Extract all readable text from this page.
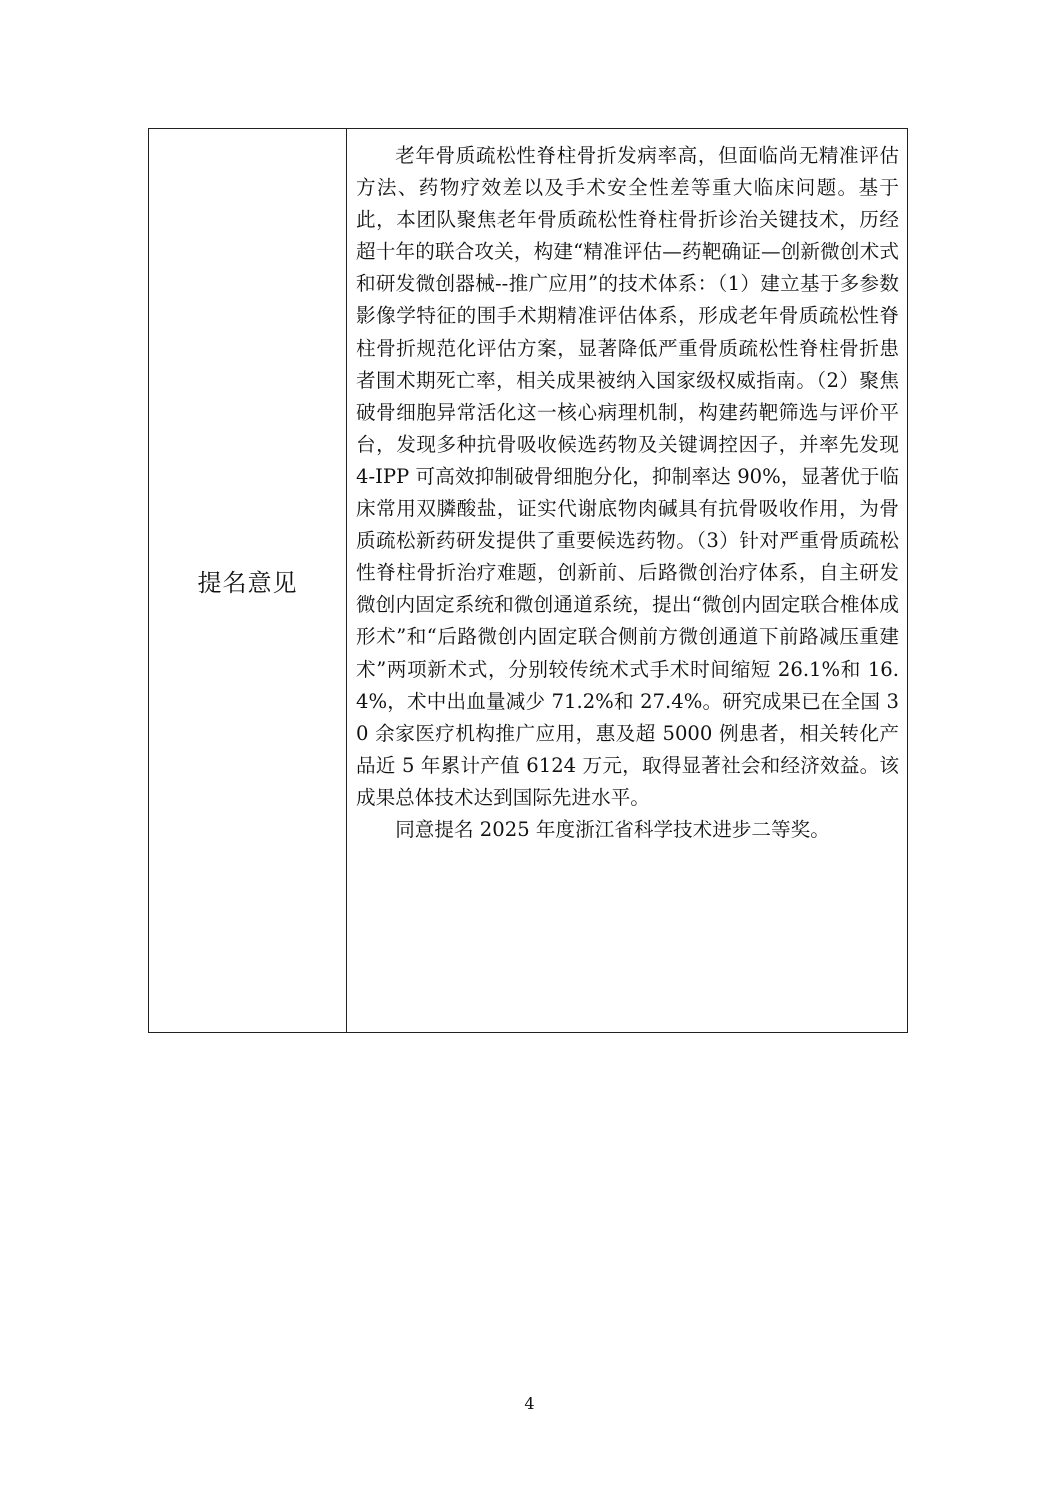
提名意见

老年骨质疏松性脊柱骨折发病率高，但面临尚无精准评估方法、药物疗效差以及手术安全性差等重大临床问题。基于此，本团队聚焦老年骨质疏松性脊柱骨折诊治关键技术，历经超十年的联合攻关，构建“精准评估—药靶确证—创新微创术式和研发微创器械--推广应用”的技术体系：（1）建立基于多参数影像学特征的围手术期精准评估体系，形成老年骨质疏松性脊柱骨折规范化评估方案，显著降低严重骨质疏松性脊柱骨折患者围术期死亡率，相关成果被纳入国家级权威指南。（2）聚焦破骨细胞异常活化这一核心病理机制，构建药靶筛选与评价平台，发现多种抗骨吸收候选药物及关键调控因子，并率先发现 4-IPP 可高效抑制破骨细胞分化，抑制率达 90%，显著优于临床常用双膦酸盐，证实代谢底物肉碱具有抗骨吸收作用，为骨质疏松新药研发提供了重要候选药物。（3）针对严重骨质疏松性脊柱骨折治疗难题，创新前、后路微创治疗体系，自主研发微创内固定系统和微创通道系统，提出“微创内固定联合椎体成形术”和“后路微创内固定联合侧前方微创通道下前路减压重建术”两项新术式，分别较传统术式手术时间缩短 26.1%和 16.4%，术中出血量减少 71.2%和 27.4%。研究成果已在全国 30 余家医疗机构推广应用，惠及超 5000 例患者，相关转化产品近 5 年累计产值 6124 万元，取得显著社会和经济效益。该成果总体技术达到国际先进水平。

同意提名 2025 年度浙江省科学技术进步二等奖。

4
